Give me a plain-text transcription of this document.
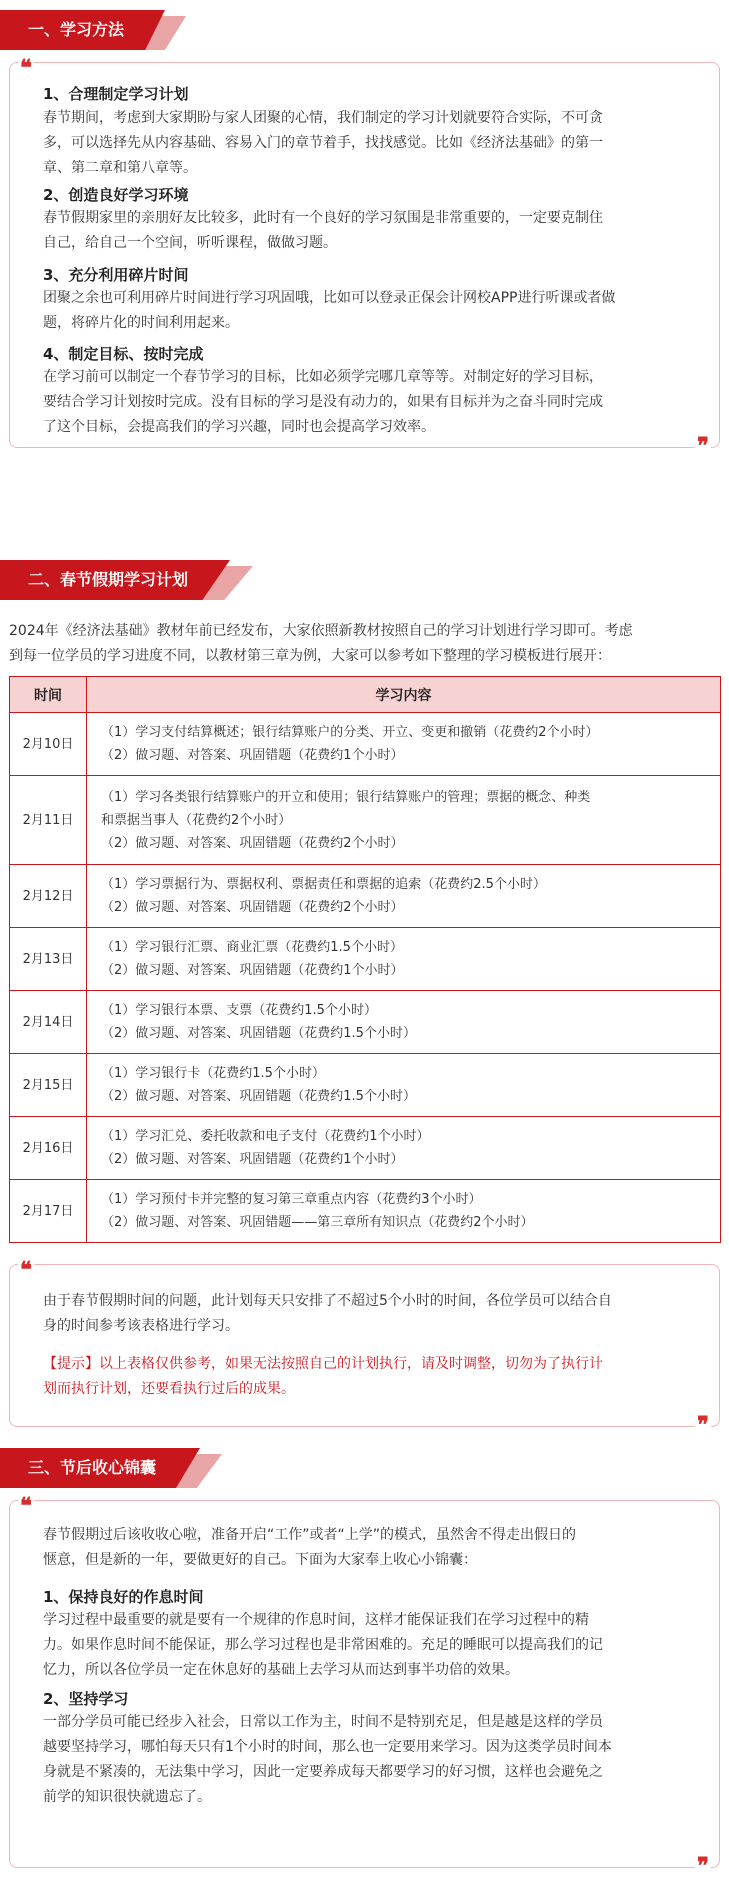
一、学习方法
❝
❞
1、合理制定学习计划
春节期间，考虑到大家期盼与家人团聚的心情，我们制定的学习计划就要符合实际，不可贪
多，可以选择先从内容基础、容易入门的章节着手，找找感觉。比如《经济法基础》的第一
章、第二章和第八章等。
2、创造良好学习环境
春节假期家里的亲朋好友比较多，此时有一个良好的学习氛围是非常重要的，一定要克制住
自己，给自己一个空间，听听课程，做做习题。
3、充分利用碎片时间
团聚之余也可利用碎片时间进行学习巩固哦，比如可以登录正保会计网校APP进行听课或者做
题，将碎片化的时间利用起来。
4、制定目标、按时完成
在学习前可以制定一个春节学习的目标，比如必须学完哪几章等等。对制定好的学习目标，
要结合学习计划按时完成。没有目标的学习是没有动力的，如果有目标并为之奋斗同时完成
了这个目标，会提高我们的学习兴趣，同时也会提高学习效率。
二、春节假期学习计划
2024年《经济法基础》教材年前已经发布，大家依照新教材按照自己的学习计划进行学习即可。考虑
到每一位学员的学习进度不同，以教材第三章为例，大家可以参考如下整理的学习模板进行展开：
时间	学习内容
2月10日	（1）学习支付结算概述；银行结算账户的分类、开立、变更和撤销（花费约2个小时）
（2）做习题、对答案、巩固错题（花费约1个小时）

2月11日	（1）学习各类银行结算账户的开立和使用；银行结算账户的管理；票据的概念、种类
和票据当事人（花费约2个小时）
（2）做习题、对答案、巩固错题（花费约2个小时）

2月12日	（1）学习票据行为、票据权利、票据责任和票据的追索（花费约2.5个小时）
（2）做习题、对答案、巩固错题（花费约2个小时）

2月13日	（1）学习银行汇票、商业汇票（花费约1.5个小时）
（2）做习题、对答案、巩固错题（花费约1个小时）

2月14日	（1）学习银行本票、支票（花费约1.5个小时）
（2）做习题、对答案、巩固错题（花费约1.5个小时）

2月15日	（1）学习银行卡（花费约1.5个小时）
（2）做习题、对答案、巩固错题（花费约1.5个小时）

2月16日	（1）学习汇兑、委托收款和电子支付（花费约1个小时）
（2）做习题、对答案、巩固错题（花费约1个小时）

2月17日	（1）学习预付卡并完整的复习第三章重点内容（花费约3个小时）
（2）做习题、对答案、巩固错题——第三章所有知识点（花费约2个小时）
❝
❞
由于春节假期时间的问题，此计划每天只安排了不超过5个小时的时间，各位学员可以结合自
身的时间参考该表格进行学习。
【提示】以上表格仅供参考，如果无法按照自己的计划执行，请及时调整，切勿为了执行计
划而执行计划，还要看执行过后的成果。
三、节后收心锦囊
❝
❞
春节假期过后该收收心啦，准备开启“工作”或者“上学”的模式，虽然舍不得走出假日的
惬意，但是新的一年，要做更好的自己。下面为大家奉上收心小锦囊：
1、保持良好的作息时间
学习过程中最重要的就是要有一个规律的作息时间，这样才能保证我们在学习过程中的精
力。如果作息时间不能保证，那么学习过程也是非常困难的。充足的睡眠可以提高我们的记
忆力，所以各位学员一定在休息好的基础上去学习从而达到事半功倍的效果。
2、坚持学习
一部分学员可能已经步入社会，日常以工作为主，时间不是特别充足，但是越是这样的学员
越要坚持学习，哪怕每天只有1个小时的时间，那么也一定要用来学习。因为这类学员时间本
身就是不紧凑的，无法集中学习，因此一定要养成每天都要学习的好习惯，这样也会避免之
前学的知识很快就遗忘了。
